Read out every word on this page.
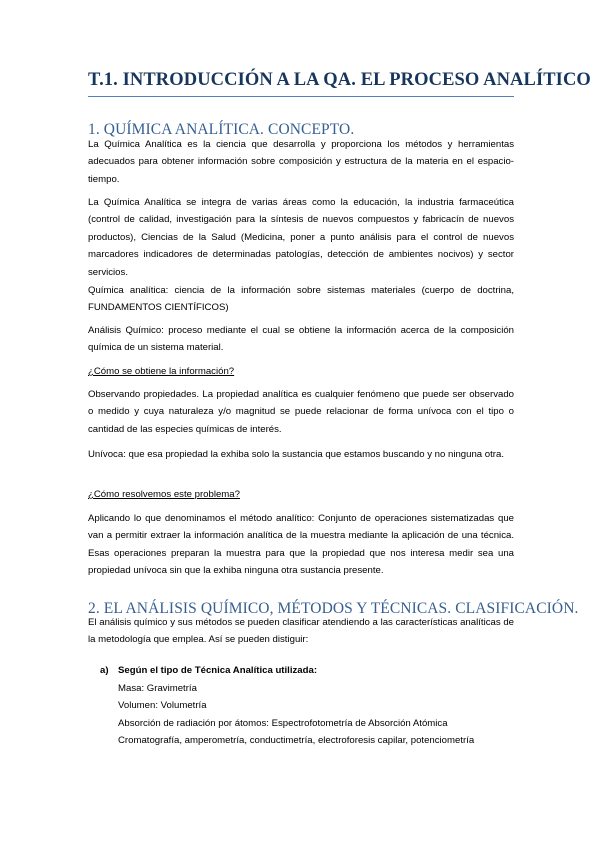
T.1. INTRODUCCIÓN A LA QA. EL PROCESO ANALÍTICO
1. QUÍMICA ANALÍTICA. CONCEPTO.

La Química Analítica es la ciencia que desarrolla y proporciona los métodos y herramientas adecuados para obtener información sobre composición y estructura de la materia en el espacio-tiempo.

La Química Analítica se integra de varias áreas como la educación, la industria farmaceútica (control de calidad, investigación para la síntesis de nuevos compuestos y fabricacín de nuevos productos), Ciencias de la Salud (Medicina, poner a punto análisis para el control de nuevos marcadores indicadores de determinadas patologías, detección de ambientes nocivos) y sector servicios.

Química analítica: ciencia de la información sobre sistemas materiales (cuerpo de doctrina, FUNDAMENTOS CIENTÍFICOS)

Análisis Químico: proceso mediante el cual se obtiene la información acerca de la composición química de un sistema material.

¿Cómo se obtiene la información?

Observando propiedades. La propiedad analítica es cualquier fenómeno que puede ser observado o medido y cuya naturaleza y/o magnitud se puede relacionar de forma unívoca con el tipo o cantidad de las especies químicas de interés.

Unívoca: que esa propiedad la exhiba solo la sustancia que estamos buscando y no ninguna otra.

¿Cómo resolvemos este problema?

Aplicando lo que denominamos el método analítico: Conjunto de operaciones sistematizadas que van a permitir extraer la información analítica de la muestra mediante la aplicación de una técnica. Esas operaciones preparan la muestra para que la propiedad que nos interesa medir sea una propiedad unívoca sin que la exhiba ninguna otra sustancia presente.

2. EL ANÁLISIS QUÍMICO, MÉTODOS Y TÉCNICAS. CLASIFICACIÓN.

El análisis químico y sus métodos se pueden clasificar atendiendo a las características analíticas de la metodología que emplea. Así se pueden distiguir:

a) Según el tipo de Técnica Analítica utilizada:
Masa: Gravimetría
Volumen: Volumetría
Absorción de radiación por átomos: Espectrofotometría de Absorción Atómica
Cromatografía, amperometría, conductimetría, electroforesis capilar, potenciometría
